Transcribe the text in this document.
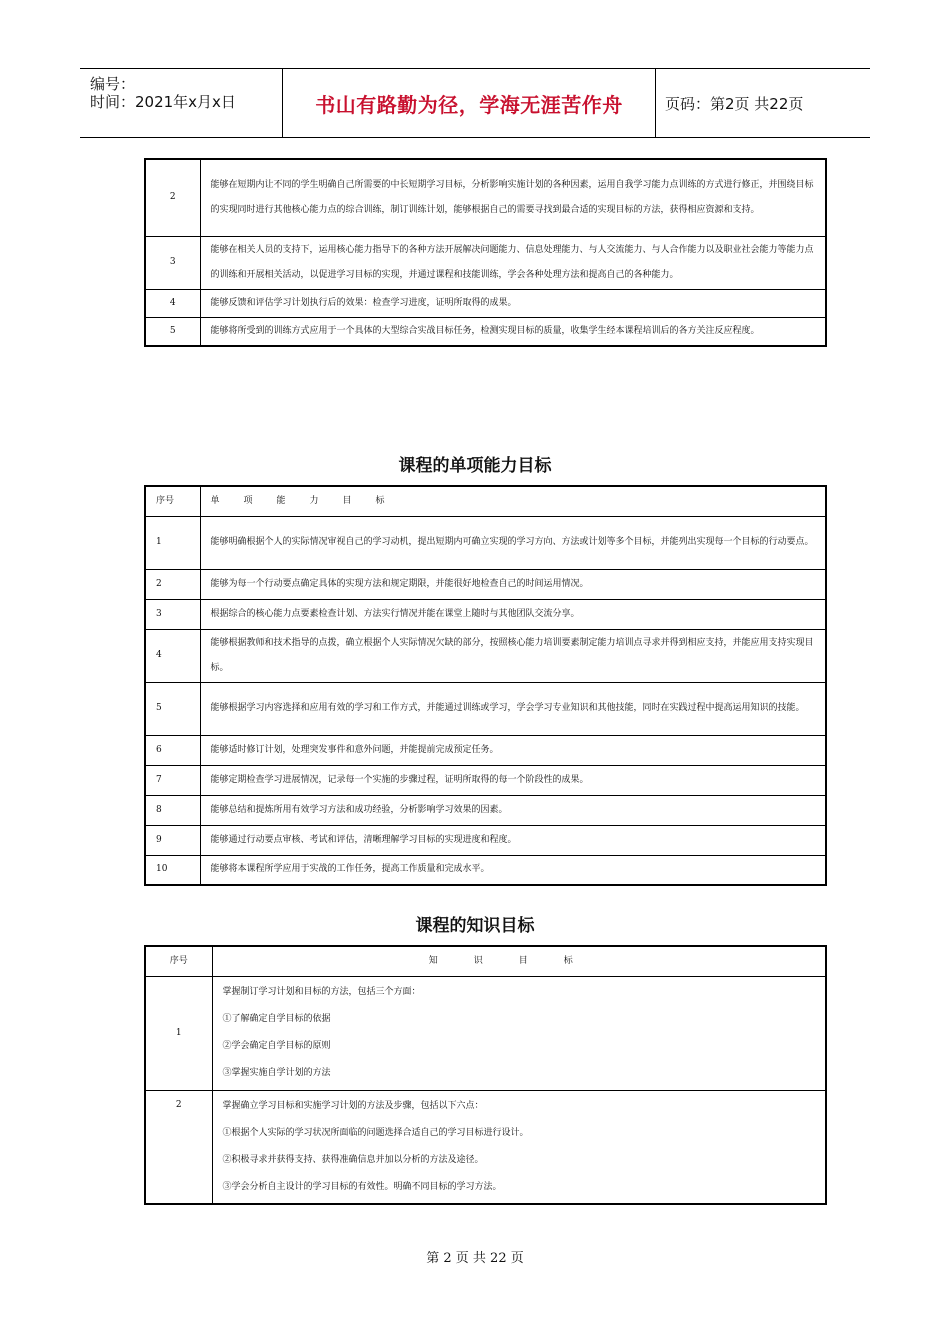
编号：
时间：2021年x月x日	书山有路勤为径，学海无涯苦作舟	页码：第2页 共22页
2	能够在短期内让不同的学生明确自己所需要的中长短期学习目标，分析影响实施计划的各种因素，运用自我学习能力点训练的方式进行修正，并围绕目标的实现同时进行其他核心能力点的综合训练，制订训练计划，能够根据自己的需要寻找到最合适的实现目标的方法，获得相应资源和支持。
3	能够在相关人员的支持下，运用核心能力指导下的各种方法开展解决问题能力、信息处理能力、与人交流能力、与人合作能力以及职业社会能力等能力点的训练和开展相关活动，以促进学习目标的实现，并通过课程和技能训练，学会各种处理方法和提高自己的各种能力。
4	能够反馈和评估学习计划执行后的效果：检查学习进度，证明所取得的成果。
5	能够将所受到的训练方式应用于一个具体的大型综合实战目标任务，检测实现目标的质量，收集学生经本课程培训后的各方关注反应程度。
课程的单项能力目标
序号	单项能力目标
1	能够明确根据个人的实际情况审视自己的学习动机，提出短期内可确立实现的学习方向、方法或计划等多个目标，并能列出实现每一个目标的行动要点。
2	能够为每一个行动要点确定具体的实现方法和规定期限，并能很好地检查自己的时间运用情况。
3	根据综合的核心能力点要素检查计划、方法实行情况并能在课堂上随时与其他团队交流分享。
4	能够根据教师和技术指导的点拨，确立根据个人实际情况欠缺的部分，按照核心能力培训要素制定能力培训点寻求并得到相应支持，并能应用支持实现目标。
5	能够根据学习内容选择和应用有效的学习和工作方式，并能通过训练或学习，学会学习专业知识和其他技能，同时在实践过程中提高运用知识的技能。
6	能够适时修订计划，处理突发事件和意外问题，并能提前完成预定任务。
7	能够定期检查学习进展情况，记录每一个实施的步骤过程，证明所取得的每一个阶段性的成果。
8	能够总结和提炼所用有效学习方法和成功经验，分析影响学习效果的因素。
9	能够通过行动要点审核、考试和评估，清晰理解学习目标的实现进度和程度。
10	能够将本课程所学应用于实战的工作任务，提高工作质量和完成水平。
课程的知识目标
序号	知识目标
1	掌握制订学习计划和目标的方法，包括三个方面：
①了解确定自学目标的依据
②学会确定自学目标的原则
③掌握实施自学计划的方法

2	掌握确立学习目标和实施学习计划的方法及步骤，包括以下六点：
①根据个人实际的学习状况所面临的问题选择合适自己的学习目标进行设计。
②积极寻求并获得支持、获得准确信息并加以分析的方法及途径。
③学会分析自主设计的学习目标的有效性。明确不同目标的学习方法。
第 2 页 共 22 页
